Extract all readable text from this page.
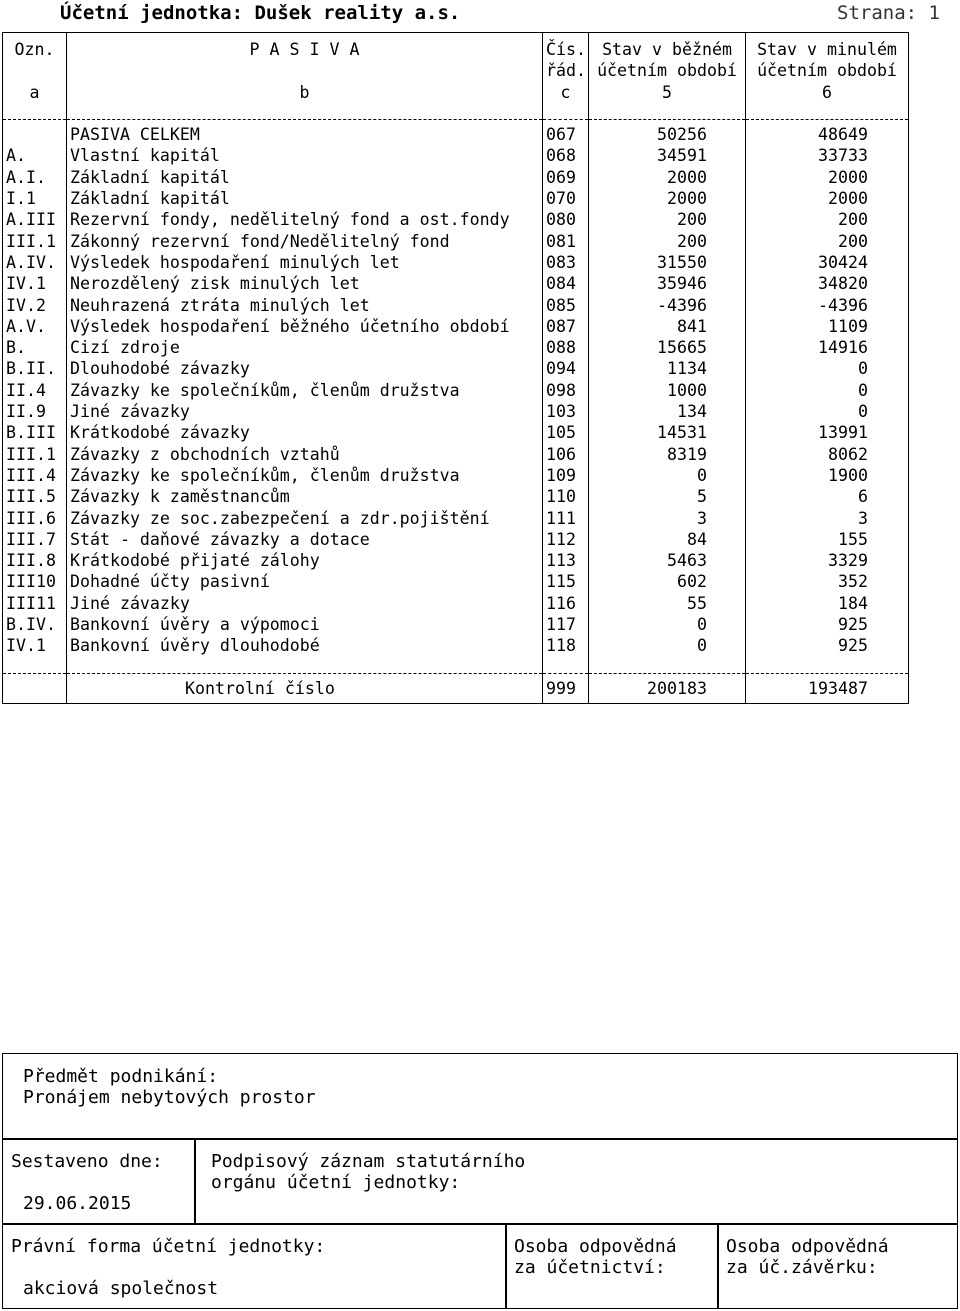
Účetní jednotka: Dušek reality a.s.	Strana: 1

Ozn.	P A S I V A	Čís.	Stav v běžném	Stav v minulém
		řád.	účetním období	účetním období
a	b	c	5	6

	PASIVA CELKEM	067	50256	48649
A.	Vlastní kapitál	068	34591	33733
A.I.	Základní kapitál	069	2000	2000
I.1	Základní kapitál	070	2000	2000
A.III	Rezervní fondy, nedělitelný fond a ost.fondy	080	200	200
III.1	Zákonný rezervní fond/Nedělitelný fond	081	200	200
A.IV.	Výsledek hospodaření minulých let	083	31550	30424
IV.1	Nerozdělený zisk minulých let	084	35946	34820
IV.2	Neuhrazená ztráta minulých let	085	-4396	-4396
A.V.	Výsledek hospodaření běžného účetního období	087	841	1109
B.	Cizí zdroje	088	15665	14916
B.II.	Dlouhodobé závazky	094	1134	0
II.4	Závazky ke společníkům, členům družstva	098	1000	0
II.9	Jiné závazky	103	134	0
B.III	Krátkodobé závazky	105	14531	13991
III.1	Závazky z obchodních vztahů	106	8319	8062
III.4	Závazky ke společníkům, členům družstva	109	0	1900
III.5	Závazky k zaměstnancům	110	5	6
III.6	Závazky ze soc.zabezpečení a zdr.pojištění	111	3	3
III.7	Stát - daňové závazky a dotace	112	84	155
III.8	Krátkodobé přijaté zálohy	113	5463	3329
III10	Dohadné účty pasivní	115	602	352
III11	Jiné závazky	116	55	184
B.IV.	Bankovní úvěry a výpomoci	117	0	925
IV.1	Bankovní úvěry dlouhodobé	118	0	925

	Kontrolní číslo	999	200183	193487

Předmět podnikání:
Pronájem nebytových prostor
Sestaveno dne:
29.06.2015
Podpisový záznam statutárního
orgánu účetní jednotky:
Právní forma účetní jednotky:
akciová společnost
Osoba odpovědná
za účetnictví:
Osoba odpovědná
za úč.závěrku:
